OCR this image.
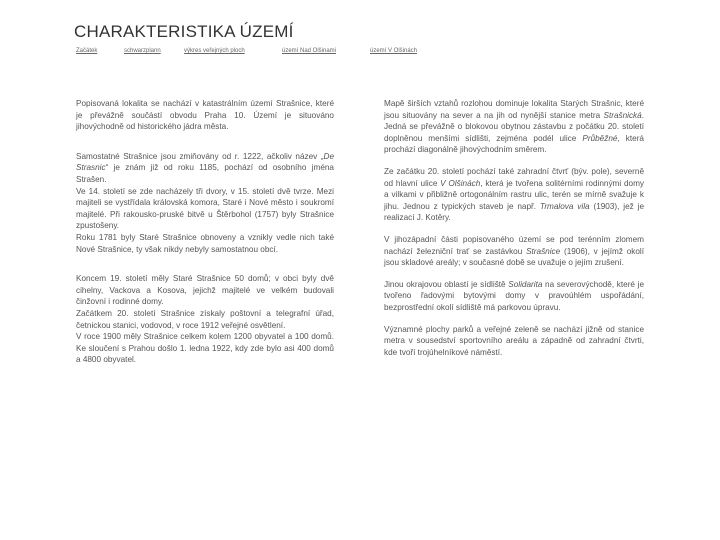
CHARAKTERISTIKA ÚZEMÍ
Začátek	schwarzplann	výkres veřejných ploch	území Nad Olšinami	území V Olšinách

Popisovaná lokalita se nachází v katastrálním území Strašnice, které je převážně součástí obvodu Praha 10. Území je situováno jihovýchodně od historického jádra města.

Samostatné Strašnice jsou zmiňovány od r. 1222, ačkoliv název „De Strasnic“ je znám již od roku 1185, pochází od osobního jména Strašen.

Ve 14. století se zde nacházely tři dvory, v 15. století dvě tvrze. Mezi majiteli se vystřídala královská komora, Staré i Nové město i soukromí majitelé. Při rakousko-pruské bitvě u Štěrbohol (1757) byly Strašnice zpustošeny.

Roku 1781 byly Staré Strašnice obnoveny a vznikly vedle nich také Nové Strašnice, ty však nikdy nebyly samostatnou obcí.

Koncem 19. století měly Staré Strašnice 50 domů; v obci byly dvě cihelny, Vackova a Kosova, jejichž majitelé ve velkém budovali činžovní i rodinné domy.

Začátkem 20. století Strašnice získaly poštovní a telegrafní úřad, četnickou stanici, vodovod, v roce 1912 veřejné osvětlení.

V roce 1900 měly Strašnice celkem kolem 1200 obyvatel a 100 domů. Ke sloučení s Prahou došlo 1. ledna 1922, kdy zde bylo asi 400 domů a 4800 obyvatel.

Mapě širších vztahů rozlohou dominuje lokalita Starých Strašnic, které jsou situovány na sever a na jih od nynější stanice metra Strašnická. Jedná se převážně o blokovou obytnou zástavbu z počátku 20. století doplněnou menšími sídlišti, zejména podél ulice Průběžné, která prochází diagonálně jihovýchodním směrem.

Ze začátku 20. století pochází také zahradní čtvrť (býv. pole), severně od hlavní ulice V Olšinách, která je tvořena solitérními rodinnými domy a vilkami v přibližně ortogonálním rastru ulic, terén se mírně svažuje k jihu. Jednou z typických staveb je např. Trmalova vila (1903), jež je realizací J. Kotěry.

V jihozápadní části popisovaného území se pod terénním zlomem nachází železniční trať se zastávkou Strašnice (1906), v jejímž okolí jsou skladové areály; v současné době se uvažuje o jejím zrušení.

Jinou okrajovou oblastí je sídliště Solidarita na severovýchodě, které je tvořeno řadovými bytovými domy v pravoúhlém uspořádání, bezprostřední okolí sídliště má parkovou úpravu.

Významné plochy parků a veřejné zeleně se nachází jižně od stanice metra v sousedství sportovního areálu a západně od zahradní čtvrti, kde tvoří trojúhelníkové náměstí.
